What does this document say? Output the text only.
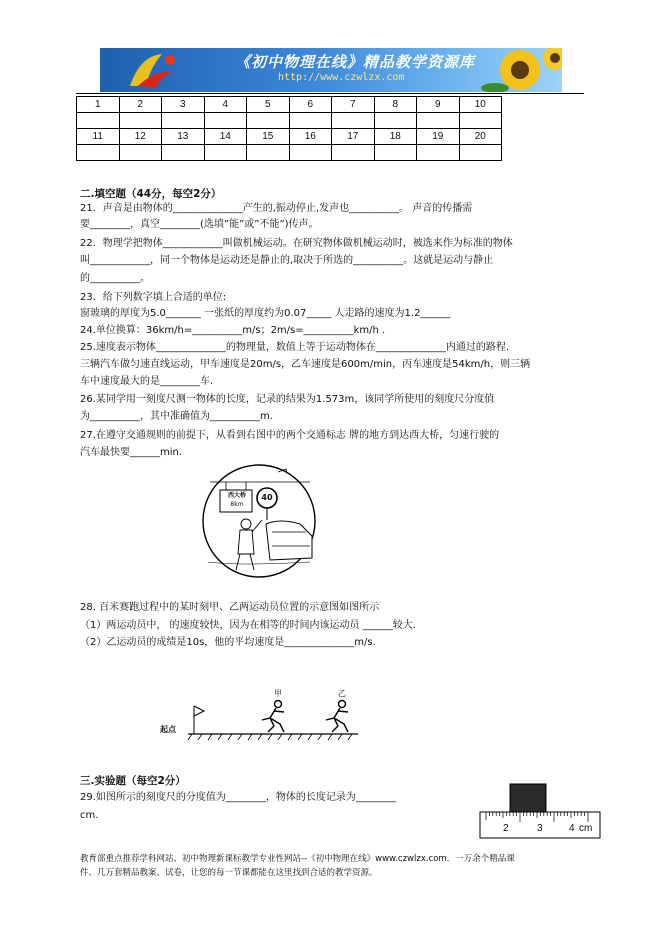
《初中物理在线》精品教学资源库
http://www.czwlzx.com
1	2	3	4	5	6	7	8	9	10

11	12	13	14	15	16	17	18	19	20

二.填空题（44分，每空2分）
21．声音是由物体的______________产生的,振动停止,发声也__________。 声音的传播需
要________，真空________(选填”能”或”不能”)传声。
22．物理学把物体____________叫做机械运动。在研究物体做机械运动时，被选来作为标准的物体
叫____________，同一个物体是运动还是静止的,取决于所选的__________。这就是运动与静止
的__________。
23．给下列数字填上合适的单位:
窗玻璃的厚度为5.0_______ 一张纸的厚度约为0.07_____ 人走路的速度为1.2______
24.单位换算：36km/h=__________m/s；2m/s=__________km/h .
25.速度表示物体______________的物理量，数值上等于运动物体在______________内通过的路程.
三辆汽车做匀速直线运动，甲车速度是20m/s，乙车速度是600m/min，丙车速度是54km/h，则三辆
车中速度最大的是________车.
26.某同学用一刻度尺测一物体的长度，记录的结果为1.573m，该同学所使用的刻度尺分度值
为__________，其中准确值为__________m.
27.在遵守交通规则的前提下，从看到右图中的两个交通标志 牌的地方到达西大桥，匀速行驶的
汽车最快要______min.
西大桥
8km
40
28. 百米赛跑过程中的某时刻甲、乙两运动员位置的示意图如图所示
（1）两运动员中， 的速度较快，因为在相等的时间内该运动员 ______较大.
（2）乙运动员的成绩是10s，他的平均速度是______________m/s.
起点
甲	乙
三.实验题（每空2分）
29.如图所示的刻度尺的分度值为________，物体的长度记录为________
cm.
2	3	4 cm
教育部重点推荐学科网站、初中物理新课标教学专业性网站--《初中物理在线》www.czwlzx.com．一万余个精品课
件、几万套精品教案、试卷，让您的每一节课都能在这里找到合适的教学资源。
